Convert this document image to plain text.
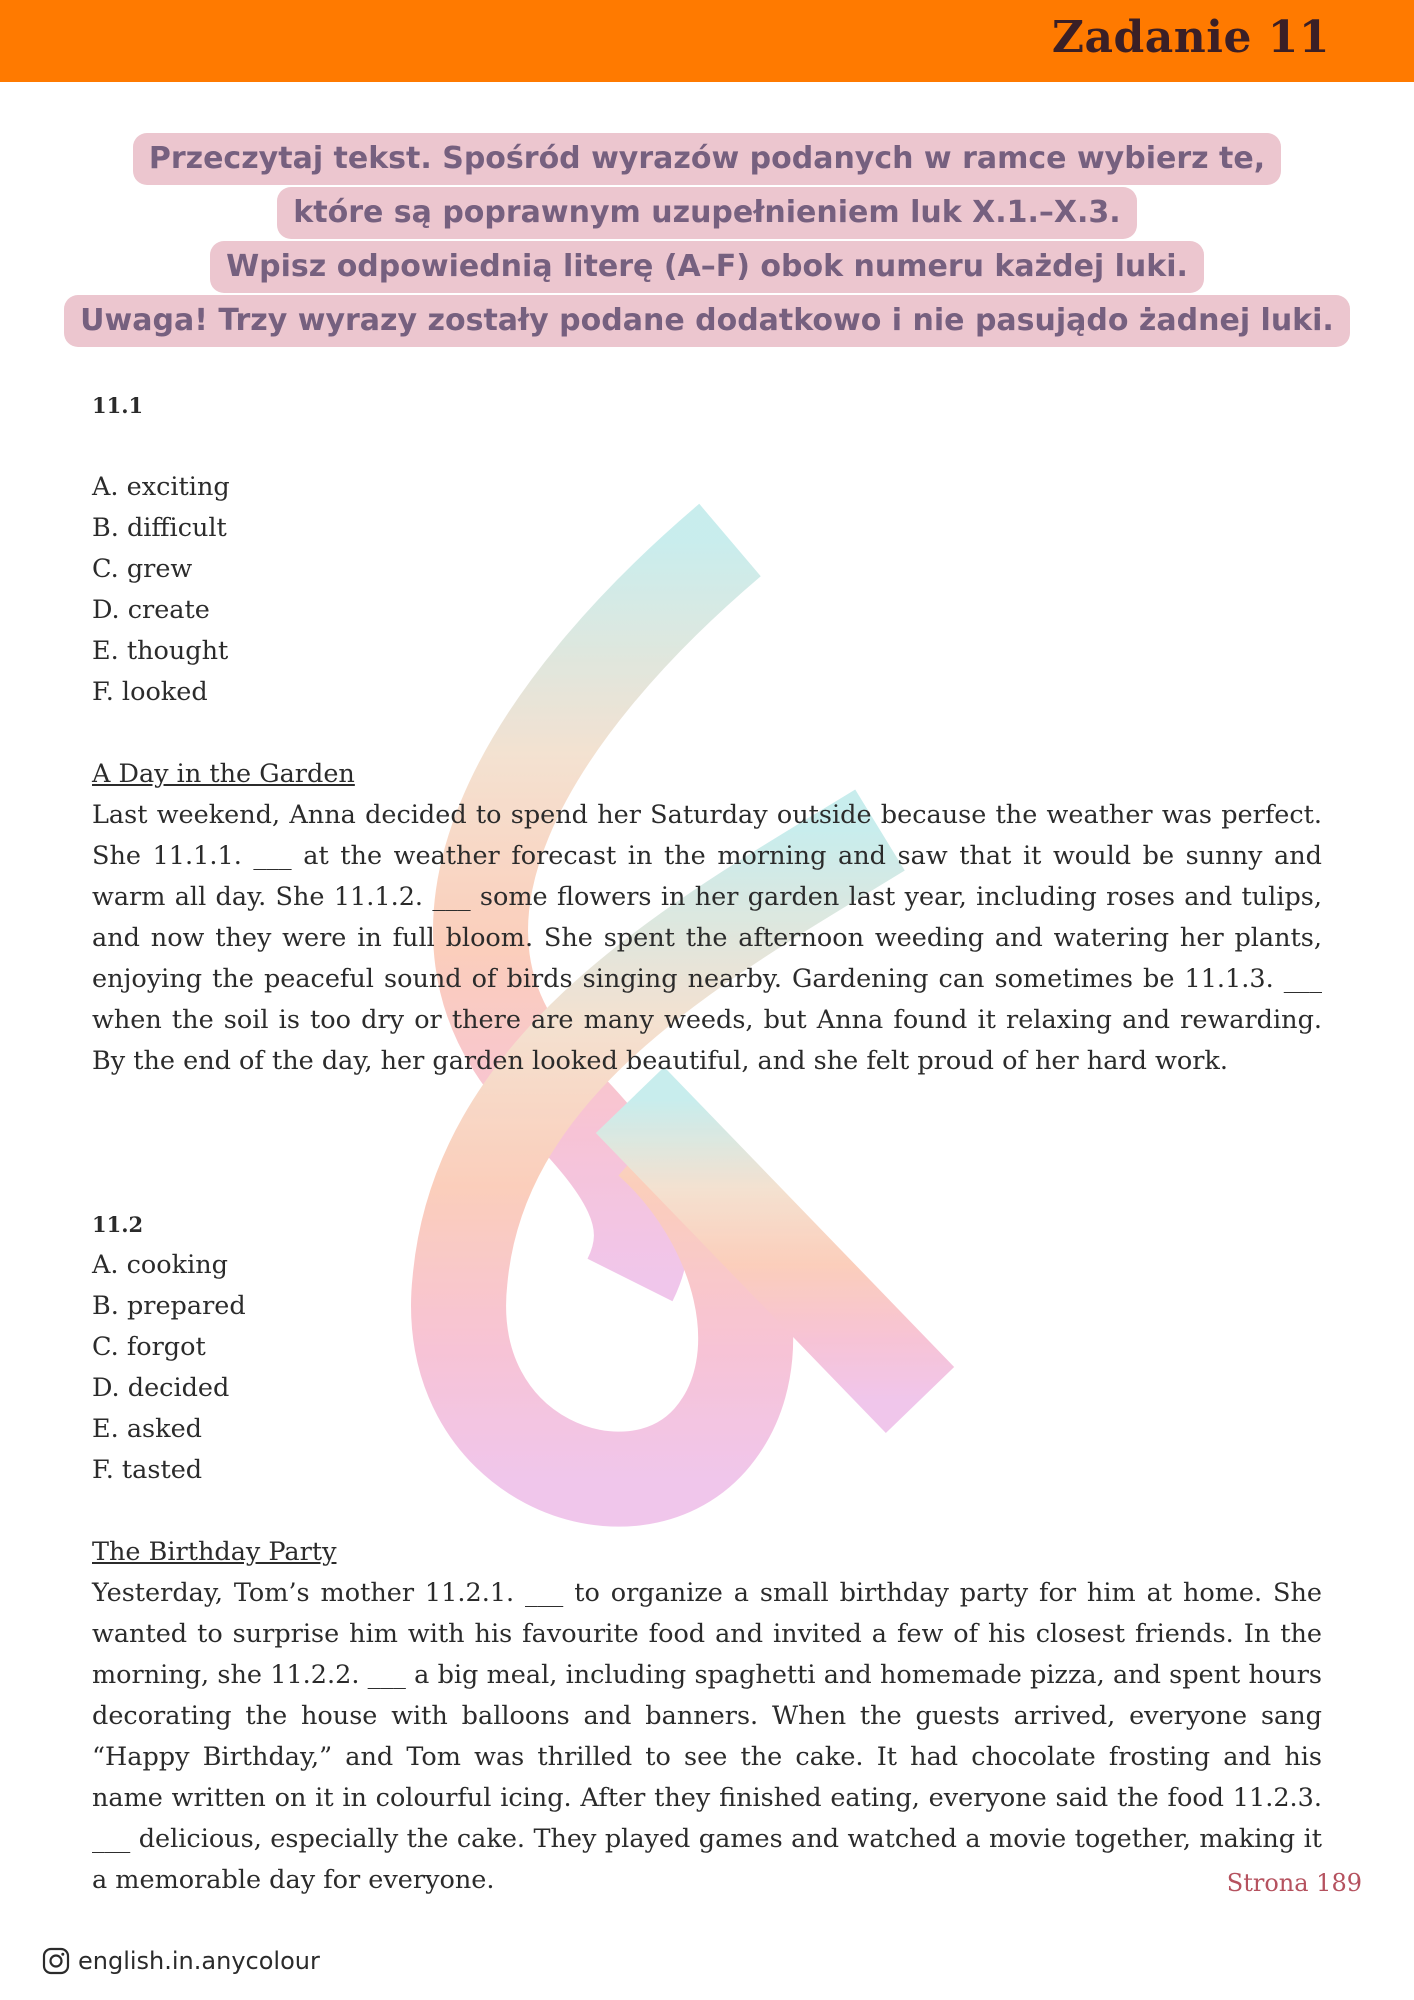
Zadanie 11
Przeczytaj tekst. Spośród wyrazów podanych w ramce wybierz te,
które są poprawnym uzupełnieniem luk X.1.–X.3.
Wpisz odpowiednią literę (A–F) obok numeru każdej luki.
Uwaga! Trzy wyrazy zostały podane dodatkowo i nie pasujądo żadnej luki.
11.1
A. exciting
B. difficult
C. grew
D. create
E. thought
F. looked
A Day in the Garden
Last weekend, Anna decided to spend her Saturday outside because the weather was perfect. She 11.1.1. ___ at the weather forecast in the morning and saw that it would be sunny and warm all day. She 11.1.2. ___ some flowers in her garden last year, including roses and tulips, and now they were in full bloom. She spent the afternoon weeding and watering her plants, enjoying the peaceful sound of birds singing nearby. Gardening can sometimes be 11.1.3. ___ when the soil is too dry or there are many weeds, but Anna found it relaxing and rewarding. By the end of the day, her garden looked beautiful, and she felt proud of her hard work.
11.2
A. cooking
B. prepared
C. forgot
D. decided
E. asked
F. tasted
The Birthday Party
Yesterday, Tom’s mother 11.2.1. ___ to organize a small birthday party for him at home. She wanted to surprise him with his favourite food and invited a few of his closest friends. In the morning, she 11.2.2. ___ a big meal, including spaghetti and homemade pizza, and spent hours decorating the house with balloons and banners. When the guests arrived, everyone sang “Happy Birthday,” and Tom was thrilled to see the cake. It had chocolate frosting and his name written on it in colourful icing. After they finished eating, everyone said the food 11.2.3. ___ delicious, especially the cake. They played games and watched a movie together, making it a memorable day for everyone.	Strona 189
english.in.anycolour
